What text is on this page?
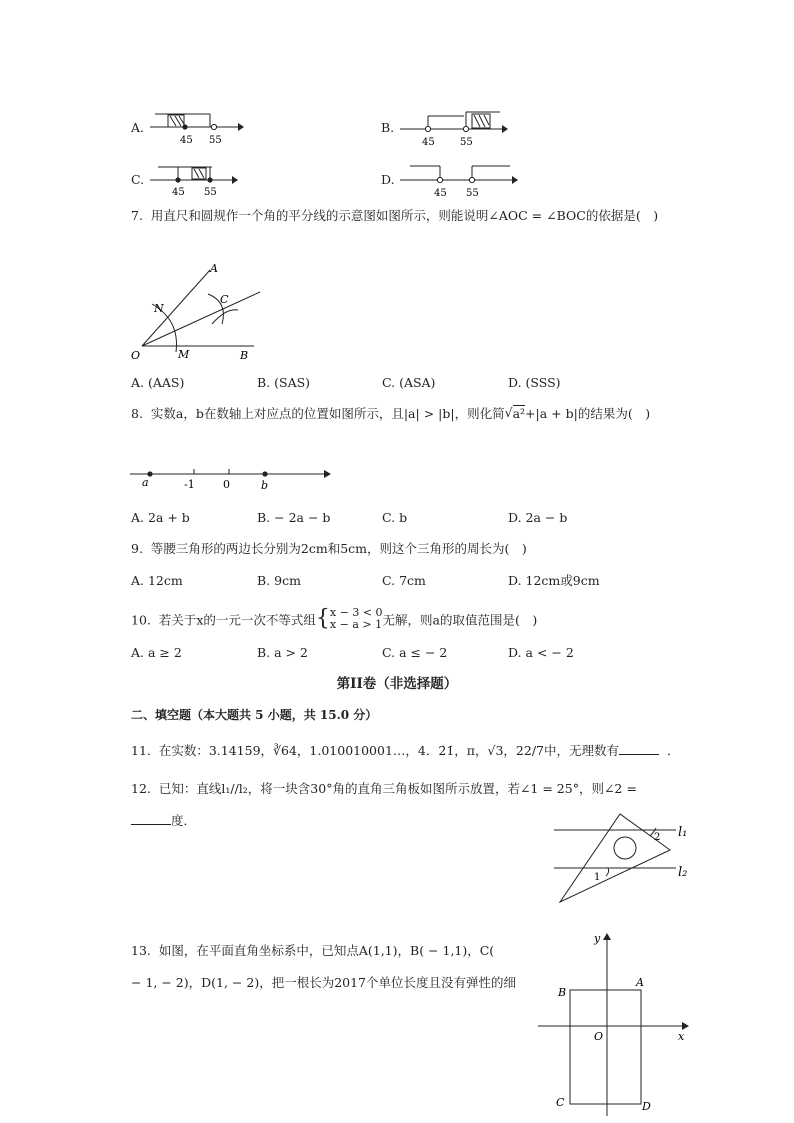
A.
45 55
B.
45	55
C.
45 55
D.
45 55
7. 用直尺和圆规作一个角的平分线的示意图如图所示，则能说明∠AOC = ∠BOC的依据是(　)
A
N
C
O	M	B
A. (AAS)	B. (SAS)	C. (ASA)	D. (SSS)
8. 实数a，b在数轴上对应点的位置如图所示，且|a| > |b|，则化简 √ a²+|a + b|的结果为(　)
a	-1	0	b
A. 2a + b	B. − 2a − b	C. b	D. 2a − b
9. 等腰三角形的两边长分别为2cm和5cm，则这个三角形的周长为(　)
A. 12cm	B. 9cm	C. 7cm	D. 12cm或9cm
10. 若关于x的一元一次不等式组{x − 3 < 0
x − a > 1无解，则a的取值范围是(　)
A. a ≥ 2	B. a > 2	C. a ≤ − 2	D. a < − 2
第II卷（非选择题）
二、填空题（本大题共 5 小题，共 15.0 分）
11. 在实数：3.14159，∛64，1.010010001…，4．2̇1̇，π，√3，22/7中，无理数有	．
12. 已知：直线l₁//l₂，将一块含30°角的直角三角板如图所示放置，若∠1 = 25°，则∠2 =
度．
2
1
l₁
l₂
13. 如图，在平面直角坐标系中，已知点A(1,1)，B( − 1,1)，C(
− 1, − 2)，D(1, − 2)，把一根长为2017个单位长度且没有弹性的细
y
x
O
A
B
C	D
